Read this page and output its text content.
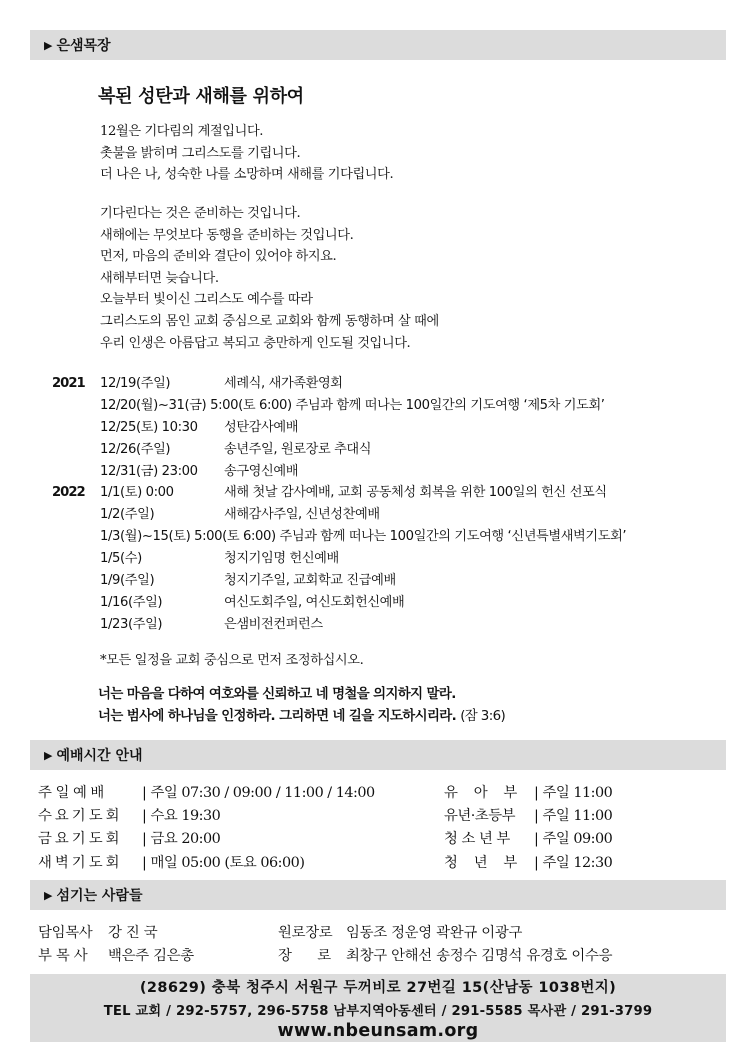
▶ 은샘목장
복된 성탄과 새해를 위하여
12월은 기다림의 계절입니다.
촛불을 밝히며 그리스도를 기립니다.
더 나은 나, 성숙한 나를 소망하며 새해를 기다립니다.
기다린다는 것은 준비하는 것입니다.
새해에는 무엇보다 동행을 준비하는 것입니다.
먼저, 마음의 준비와 결단이 있어야 하지요.
새해부터면 늦습니다.
오늘부터 빛이신 그리스도 예수를 따라
그리스도의 몸인 교회 중심으로 교회와 함께 동행하며 살 때에
우리 인생은 아름답고 복되고 충만하게 인도될 것입니다.
2021 12/19(주일)	세례식, 새가족환영회
12/20(월)~31(금) 5:00(토 6:00) 주님과 함께 떠나는 100일간의 기도여행 ‘제5차 기도회’
12/25(토) 10:30 성탄감사예배
12/26(주일)	송년주일, 원로장로 추대식
12/31(금) 23:00 송구영신예배
2022 1/1(토) 0:00	새해 첫날 감사예배, 교회 공동체성 회복을 위한 100일의 헌신 선포식
1/2(주일)	새해감사주일, 신년성찬예배
1/3(월)~15(토) 5:00(토 6:00) 주님과 함께 떠나는 100일간의 기도여행 ‘신년특별새벽기도회’
1/5(수)	청지기임명 헌신예배
1/9(주일)	청지기주일, 교회학교 진급예배
1/16(주일)	여신도회주일, 여신도회헌신예배
1/23(주일)	은샘비전컨퍼런스
*모든 일정을 교회 중심으로 먼저 조정하십시오.
너는 마음을 다하여 여호와를 신뢰하고 네 명철을 의지하지 말라.
너는 범사에 하나님을 인정하라. 그리하면 네 길을 지도하시리라. (잠 3:6)
▶ 예배시간 안내
주 일 예 배	| 주일 07:30 / 09:00 / 11:00 / 14:00
수요기도회 | 수요 19:30
금요기도회 | 금요 20:00
새벽기도회 | 매일 05:00 (토요 06:00)
유    아    부 | 주일 11:00
유년·초등부 | 주일 11:00
청 소 년 부 | 주일 09:00
청    년    부 | 주일 12:30
▶ 섬기는 사람들
담임목사 강 진 국
부 목 사 백은주 김은총
원로장로 임동조 정운영 곽완규 이광구
장      로 최창구 안해선 송정수 김명석 유경호 이수응
(28629) 충북 청주시 서원구 두꺼비로 27번길 15(산남동 1038번지)
TEL 교회 / 292-5757, 296-5758 남부지역아동센터 / 291-5585 목사관 / 291-3799
www.nbeunsam.org
